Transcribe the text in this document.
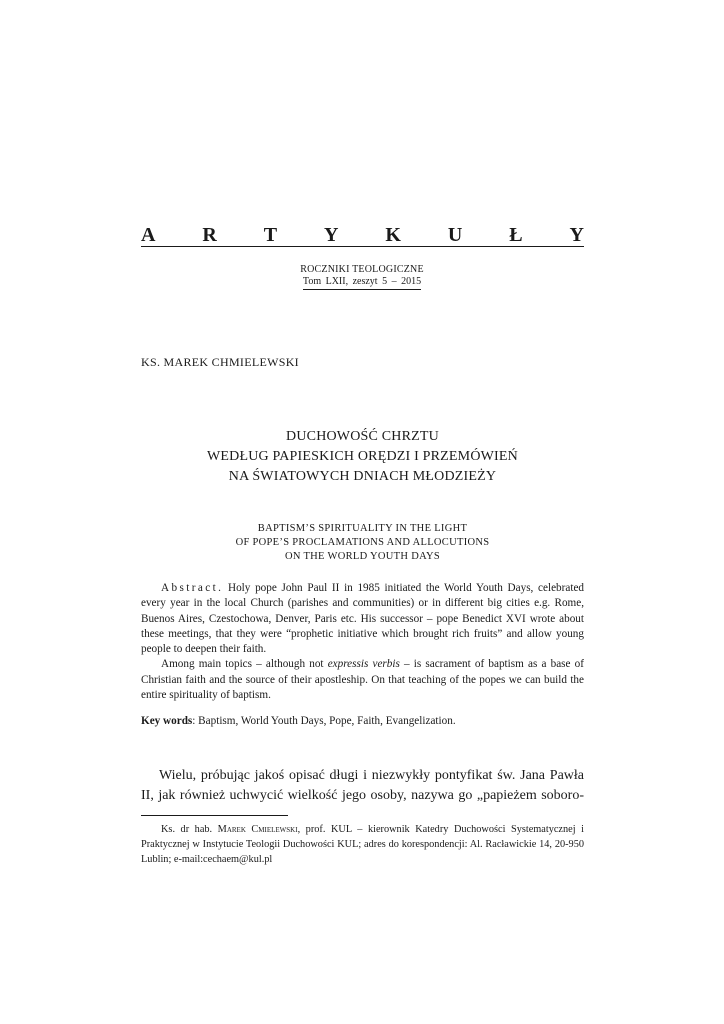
A R T Y K U Ł Y
ROCZNIKI TEOLOGICZNE
Tom LXII, zeszyt 5 – 2015
KS. MAREK CHMIELEWSKI
DUCHOWOŚĆ CHRZTU
WEDŁUG PAPIESKICH ORĘDZI I PRZEMÓWIEŃ
NA ŚWIATOWYCH DNIACH MŁODZIEŻY
BAPTISM’S SPIRITUALITY IN THE LIGHT
OF POPE’S PROCLAMATIONS AND ALLOCUTIONS
ON THE WORLD YOUTH DAYS

Abstract. Holy pope John Paul II in 1985 initiated the World Youth Days, celebrated every year in the local Church (parishes and communities) or in different big cities e.g. Rome, Buenos Aires, Czestochowa, Denver, Paris etc. His successor – pope Benedict XVI wrote about these meetings, that they were “prophetic initiative which brought rich fruits” and allow young people to deepen their faith.

Among main topics – although not expressis verbis – is sacrament of baptism as a base of Christian faith and the source of their apostleship. On that teaching of the popes we can build the entire spirituality of baptism.

Key words: Baptism, World Youth Days, Pope, Faith, Evangelization.

Wielu, próbując jakoś opisać długi i niezwykły pontyfikat św. Jana Pawła II, jak również uchwycić wielkość jego osoby, nazywa go „papieżem soboro-

Ks. dr hab. Marek Cmielewski, prof. KUL – kierownik Katedry Duchowości Systematycznej i Praktycznej w Instytucie Teologii Duchowości KUL; adres do korespondencji: Al. Racławickie 14, 20-950 Lublin; e-mail:cechaem@kul.pl
